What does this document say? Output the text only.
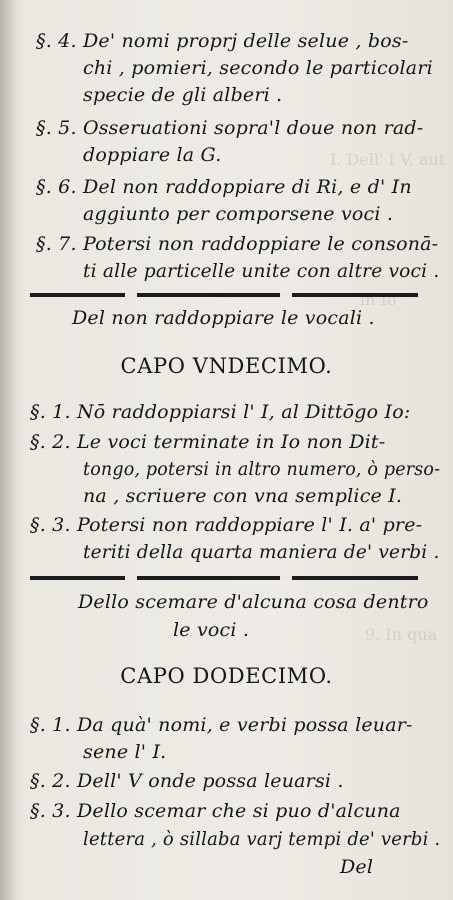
I. Dell' I V, aut
in Io
9. In qua
§. 4. De' nomi proprj delle selue , bos-
chi , pomieri, secondo le particolari
specie de gli alberi .
§. 5. Osseruationi sopra'l doue non rad-
doppiare la G.
§. 6. Del non raddoppiare di Ri, e d' In
aggiunto per comporsene voci .
§. 7. Potersi non raddoppiare le consonā-
ti alle particelle unite con altre voci .
Del non raddoppiare le vocali .
CAPO VNDECIMO.
§. 1. Nō raddoppiarsi l' I, al Dittōgo Io:
§. 2. Le voci terminate in Io non Dit-
tongo, potersi in altro numero, ò perso-
na , scriuere con vna semplice I.
§. 3. Potersi non raddoppiare l' I. a' pre-
teriti della quarta maniera de' verbi .
Dello scemare d'alcuna cosa dentro
le voci .
CAPO DODECIMO.
§. 1. Da quà' nomi, e verbi possa leuar-
sene l' I.
§. 2. Dell' V onde possa leuarsi .
§. 3. Dello scemar che si puo d'alcuna
lettera , ò sillaba varj tempi de' verbi .
Del
